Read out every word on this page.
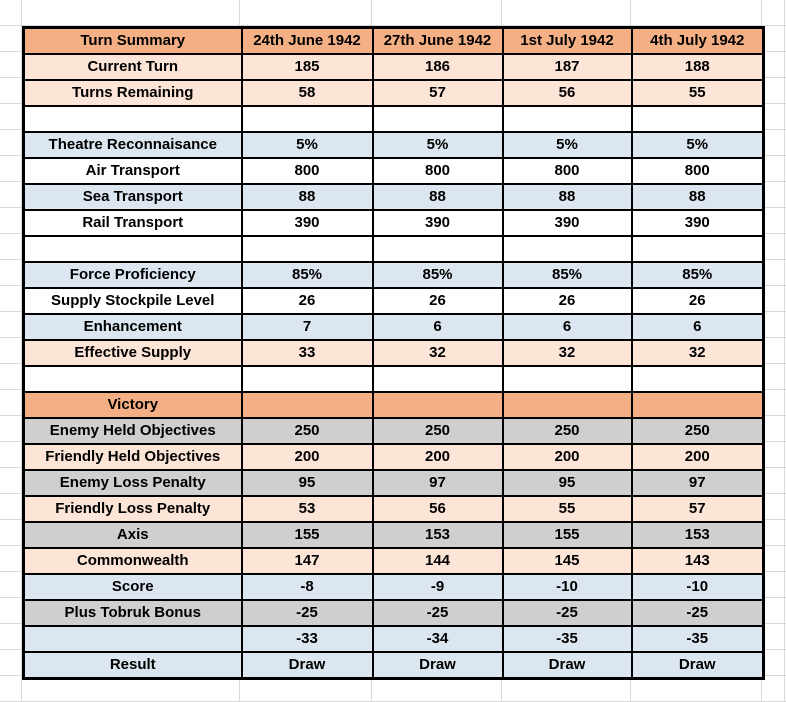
Turn Summary	24th June 1942	27th June 1942	1st July 1942	4th July 1942
Current Turn	185	186	187	188
Turns Remaining	58	57	56	55

Theatre Reconnaisance	5%	5%	5%	5%
Air Transport	800	800	800	800
Sea Transport	88	88	88	88
Rail Transport	390	390	390	390

Force Proficiency	85%	85%	85%	85%
Supply Stockpile Level	26	26	26	26
Enhancement	7	6	6	6
Effective Supply	33	32	32	32

Victory				
Enemy Held Objectives	250	250	250	250
Friendly Held Objectives	200	200	200	200
Enemy Loss Penalty	95	97	95	97
Friendly Loss Penalty	53	56	55	57
Axis	155	153	155	153
Commonwealth	147	144	145	143
Score	-8	-9	-10	-10
Plus Tobruk Bonus	-25	-25	-25	-25
	-33	-34	-35	-35
Result	Draw	Draw	Draw	Draw
